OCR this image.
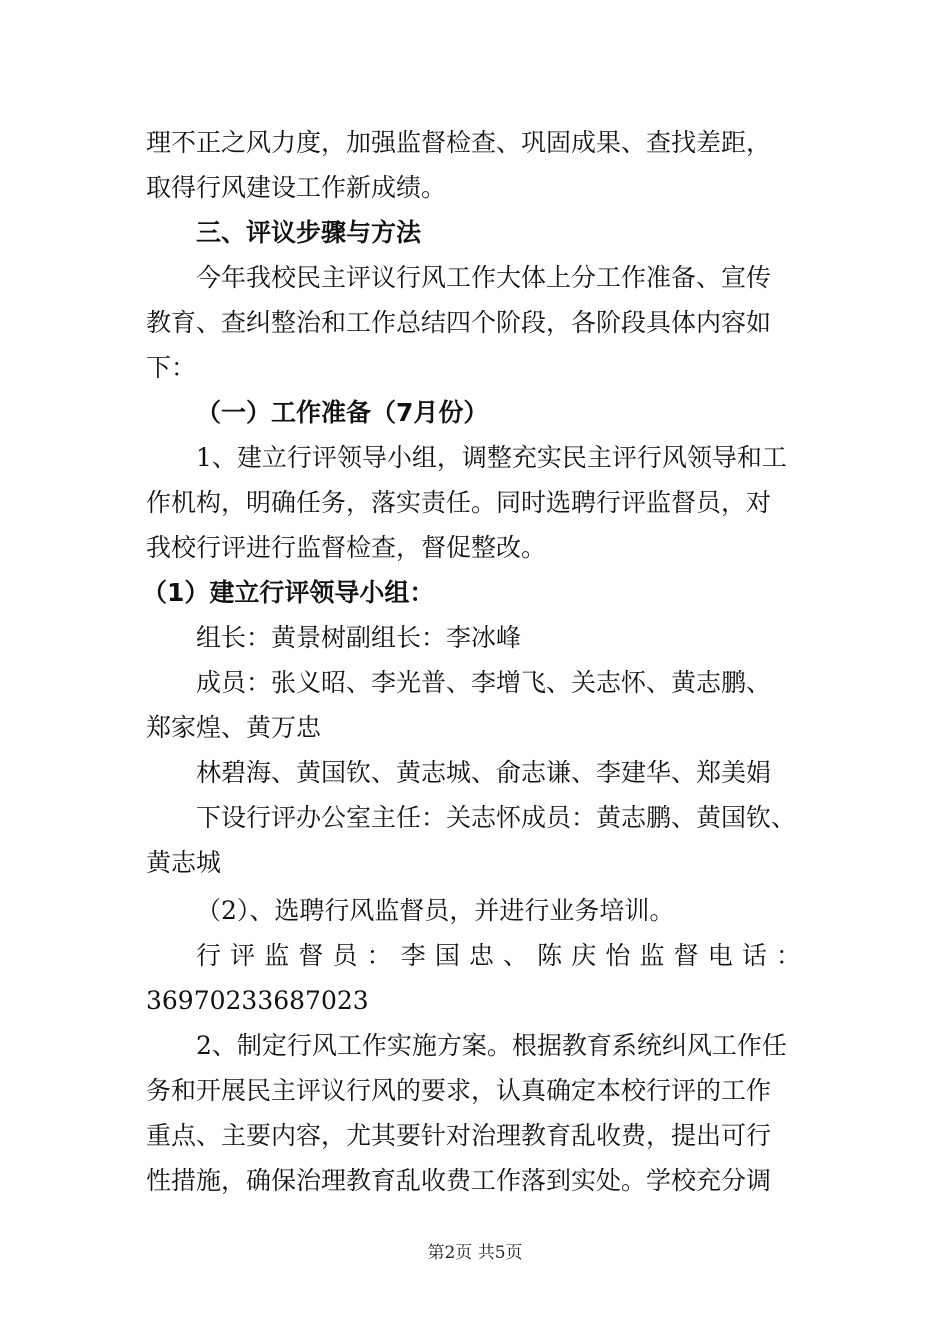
理不正之风力度，加强监督检查、巩固成果、查找差距，
取得行风建设工作新成绩。
三、评议步骤与方法
今年我校民主评议行风工作大体上分工作准备、宣传
教育、查纠整治和工作总结四个阶段，各阶段具体内容如
下：
（一）工作准备（7月份）
1、建立行评领导小组，调整充实民主评行风领导和工
作机构，明确任务，落实责任。同时选聘行评监督员，对
我校行评进行监督检查，督促整改。
（1）建立行评领导小组：
组长：黄景树副组长：李冰峰
成员：张义昭、李光普、李增飞、关志怀、黄志鹏、
郑家煌、黄万忠
林碧海、黄国钦、黄志城、俞志谦、李建华、郑美娟
下设行评办公室主任：关志怀成员：黄志鹏、黄国钦、
黄志城
（2）、选聘行风监督员，并进行业务培训。
行评监督员：李国忠、陈庆怡监督电话：
36970233687023
2、制定行风工作实施方案。根据教育系统纠风工作任
务和开展民主评议行风的要求，认真确定本校行评的工作
重点、主要内容，尤其要针对治理教育乱收费，提出可行
性措施，确保治理教育乱收费工作落到实处。学校充分调
第2页 共5页
